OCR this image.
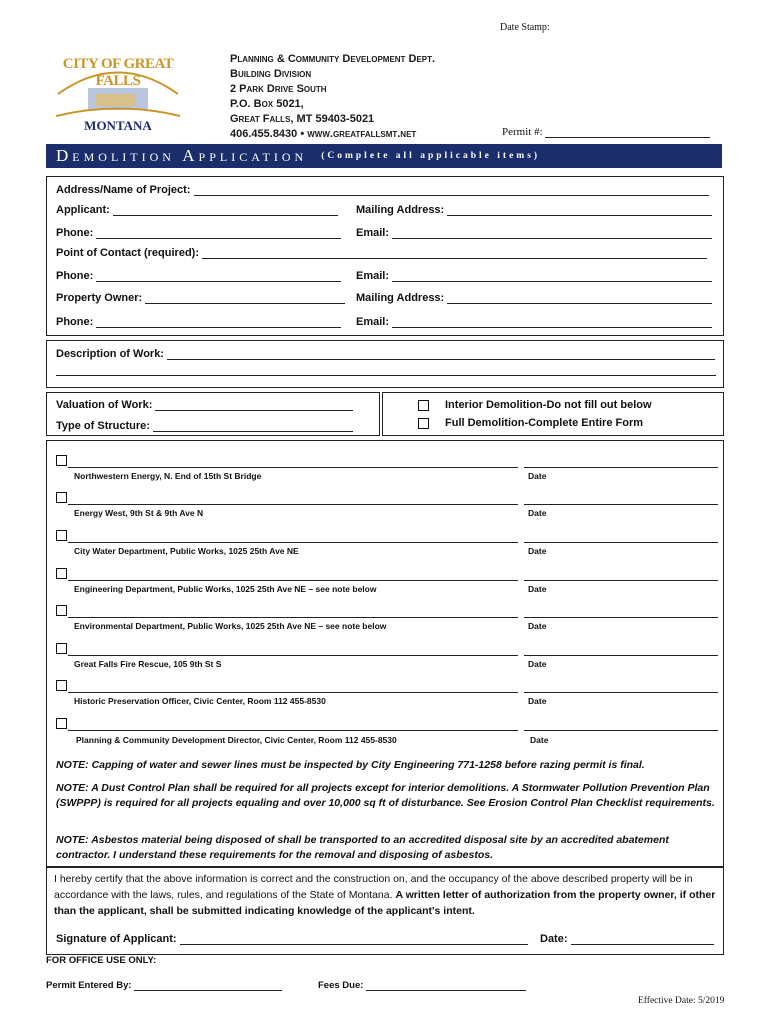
Date Stamp:
CITY OF GREAT FALLS
MONTANA
Planning & Community Development Dept.
Building Division
2 Park Drive South
P.O. Box 5021,
Great Falls, MT 59403-5021
406.455.8430 • www.greatfallsmt.net	Permit #:
Demolition Application (Complete all applicable items)
Address/Name of Project:
Applicant:	Mailing Address:
Phone:	Email:
Point of Contact (required):
Phone:	Email:
Property Owner:	Mailing Address:
Phone:	Email:
Description of Work:
Valuation of Work:
Type of Structure:
Interior Demolition-Do not fill out below
Full Demolition-Complete Entire Form
Northwestern Energy, N. End of 15th St Bridge	Date
Energy West, 9th St & 9th Ave N	Date
City Water Department, Public Works, 1025 25th Ave NE	Date
Engineering Department, Public Works, 1025 25th Ave NE – see note below	Date
Environmental Department, Public Works, 1025 25th Ave NE – see note below	Date
Great Falls Fire Rescue, 105 9th St S	Date
Historic Preservation Officer, Civic Center, Room 112 455-8530	Date
Planning & Community Development Director, Civic Center, Room 112 455-8530	Date
NOTE: Capping of water and sewer lines must be inspected by City Engineering 771-1258 before razing permit is final.
NOTE: A Dust Control Plan shall be required for all projects except for interior demolitions. A Stormwater Pollution Prevention Plan (SWPPP) is required for all projects equaling and over 10,000 sq ft of disturbance. See Erosion Control Plan Checklist requirements.
NOTE: Asbestos material being disposed of shall be transported to an accredited disposal site by an accredited abatement contractor. I understand these requirements for the removal and disposing of asbestos.
I hereby certify that the above information is correct and the construction on, and the occupancy of the above described property will be in accordance with the laws, rules, and regulations of the State of Montana. A written letter of authorization from the property owner, if other than the applicant, shall be submitted indicating knowledge of the applicant's intent.
Signature of Applicant:	Date:
FOR OFFICE USE ONLY:
Permit Entered By:	Fees Due:
Effective Date: 5/2019
